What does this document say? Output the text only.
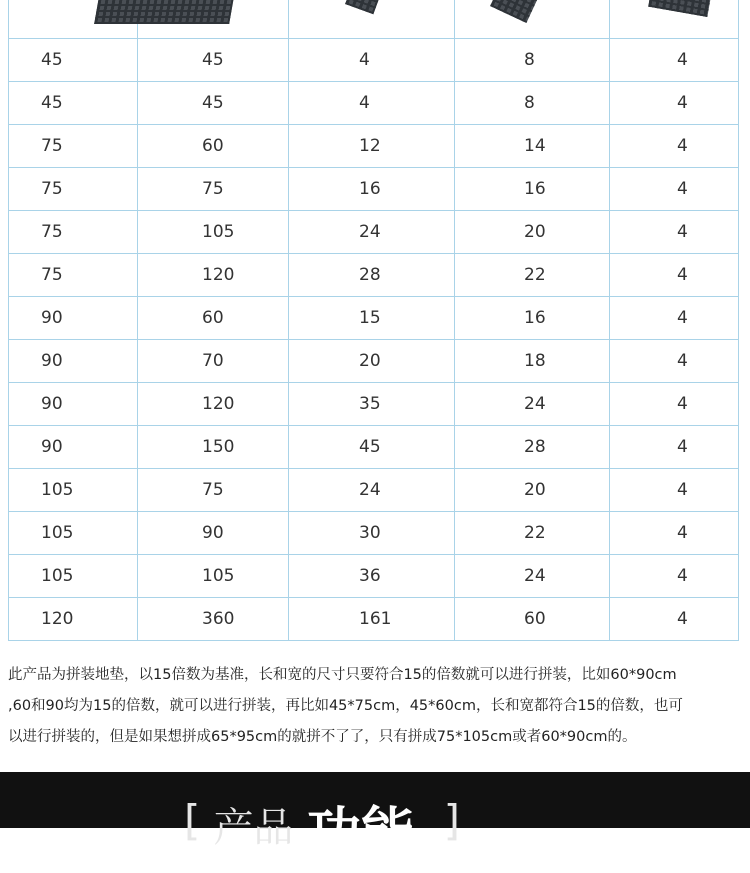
45	45	4	8	4
45	45	4	8	4
75	60	12	14	4
75	75	16	16	4
75	105	24	20	4
75	120	28	22	4
90	60	15	16	4
90	70	20	18	4
90	120	35	24	4
90	150	45	28	4
105	75	24	20	4
105	90	30	22	4
105	105	36	24	4
120	360	161	60	4
此产品为拼装地垫，以15倍数为基准，长和宽的尺寸只要符合15的倍数就可以进行拼装，比如60*90cm
,60和90均为15的倍数，就可以进行拼装，再比如45*75cm，45*60cm，长和宽都符合15的倍数，也可
以进行拼装的，但是如果想拼成65*95cm的就拼不了了，只有拼成75*105cm或者60*90cm的。
[ 产品 功能 ]
